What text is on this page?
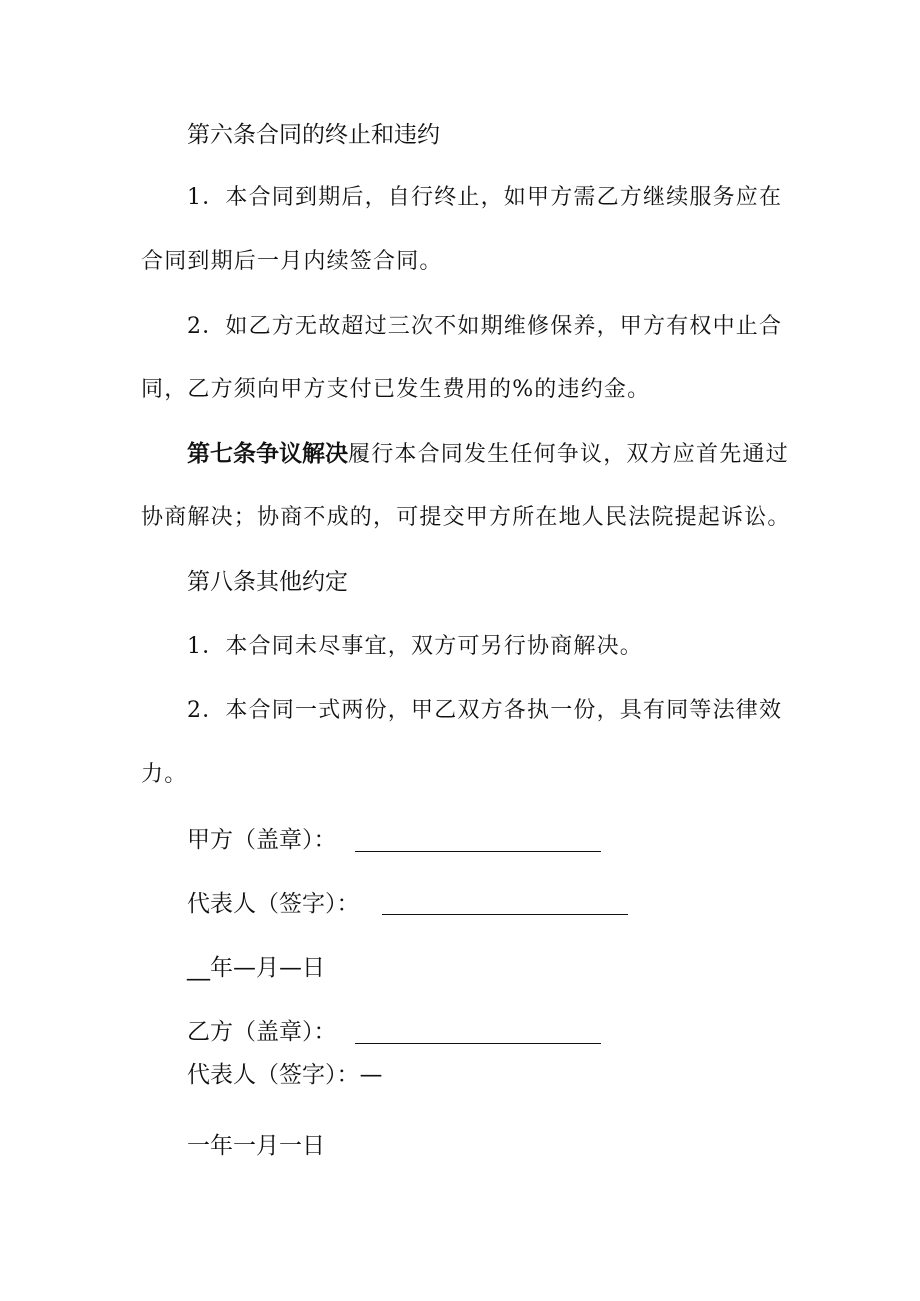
第六条合同的终止和违约
1．本合同到期后，自行终止，如甲方需乙方继续服务应在
合同到期后一月内续签合同。
2．如乙方无故超过三次不如期维修保养，甲方有权中止合
同，乙方须向甲方支付已发生费用的%的违约金。
第七条争议解决履行本合同发生任何争议，双方应首先通过
协商解决；协商不成的，可提交甲方所在地人民法院提起诉讼。
第八条其他约定
1．本合同未尽事宜，双方可另行协商解决。
2．本合同一式两份，甲乙双方各执一份，具有同等法律效
力。
甲方（盖章）：
代表人（签字）：
__年—月—日
乙方（盖章）：
代表人（签字）：—
一年一月一日
